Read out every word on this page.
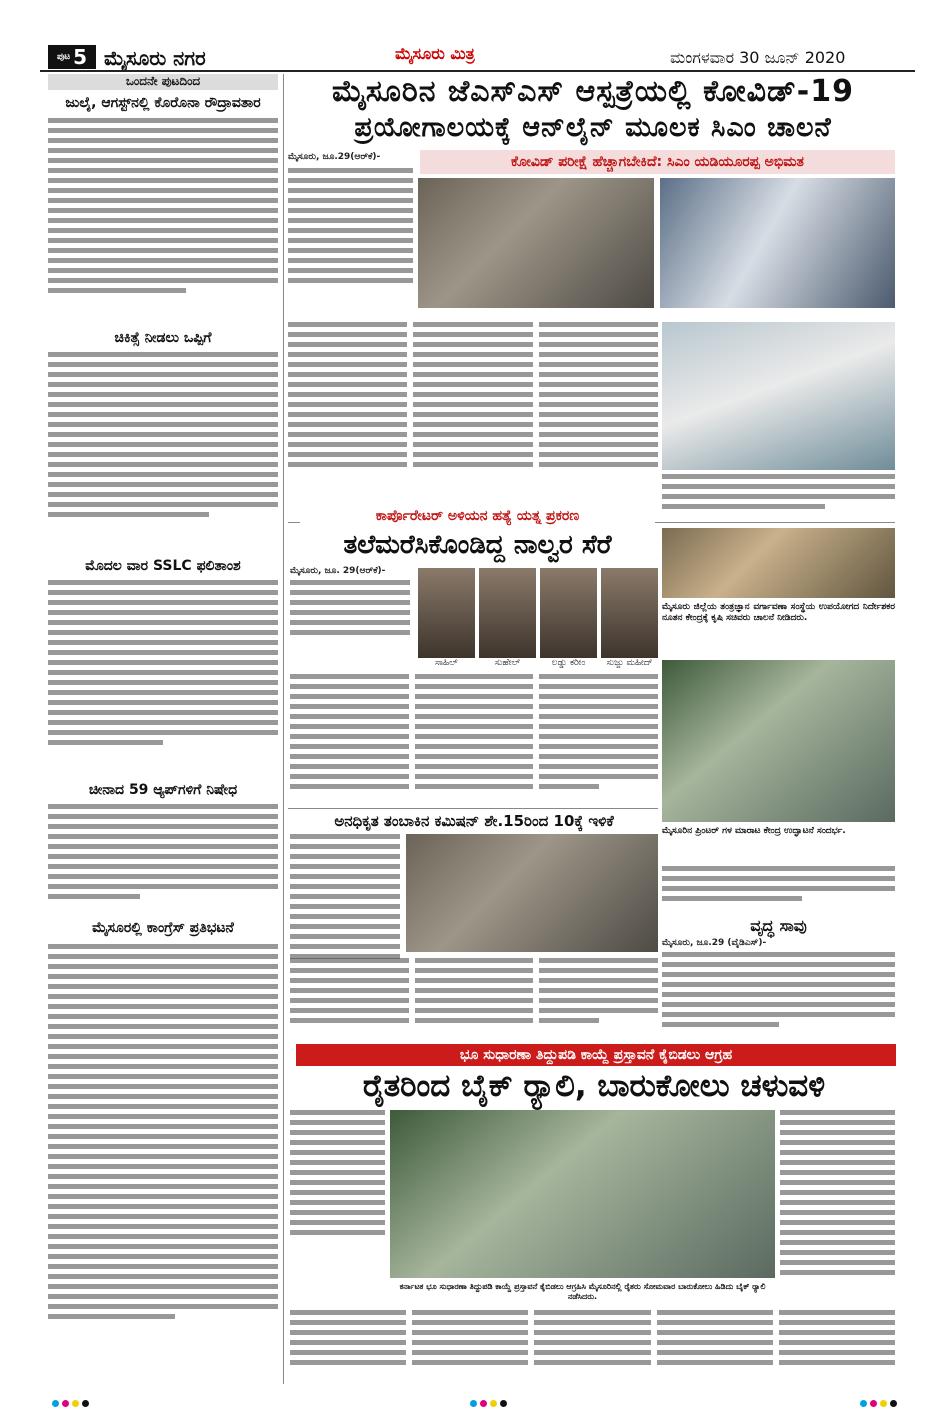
ಪುಟ 5 ಮೈಸೂರು ನಗರ	ಮೈಸೂರು ಮಿತ್ರ	ಮಂಗಳವಾರ 30 ಜೂನ್ 2020
ಒಂದನೇ ಪುಟದಿಂದ
ಜುಲೈ, ಆಗಸ್ಟ್‌ನಲ್ಲಿ ಕೊರೊನಾ ರೌದ್ರಾವತಾರ
ಚಿಕಿತ್ಸೆ ನೀಡಲು ಒಪ್ಪಿಗೆ
ಮೊದಲ ವಾರ SSLC ಫಲಿತಾಂಶ
ಚೀನಾದ 59 ಆ್ಯಪ್‌ಗಳಿಗೆ ನಿಷೇಧ
ಮೈಸೂರಲ್ಲಿ ಕಾಂಗ್ರೆಸ್ ಪ್ರತಿಭಟನೆ
ಮೈಸೂರಿನ ಜೆಎಸ್ಎಸ್ ಆಸ್ಪತ್ರೆಯಲ್ಲಿ ಕೋವಿಡ್-19
ಪ್ರಯೋಗಾಲಯಕ್ಕೆ ಆನ್‌ಲೈನ್ ಮೂಲಕ ಸಿಎಂ ಚಾಲನೆ
ಕೋವಿಡ್ ಪರೀಕ್ಷೆ ಹೆಚ್ಚಾಗಬೇಕಿದೆ: ಸಿಎಂ ಯಡಿಯೂರಪ್ಪ ಅಭಿಮತ
ಮೈಸೂರು, ಜೂ.29(ಆರ್‌ಕೆ)-
ಕಾರ್ಪೊರೇಟರ್ ಅಳಿಯನ ಹತ್ಯೆ ಯತ್ನ ಪ್ರಕರಣ
ತಲೆಮರೆಸಿಕೊಂಡಿದ್ದ ನಾಲ್ವರ ಸೆರೆ
ಮೈಸೂರು, ಜೂ. 29(ಆರ್‌ಕೆ)-
ಸಾಹಿಲ್	ಸುಹೇಲ್	ಲಡ್ಡು ಕರೀಂ	ಸುಜ್ಜು ಮಹೀದ್
ಮೈಸೂರು ಜಿಲ್ಲೆಯ ತಂತ್ರಜ್ಞಾನ ವರ್ಗಾವಣಾ ಸಂಸ್ಥೆಯ ಉಪಯೋಗದ ನಿರ್ದೇಶಕರ ನೂತನ ಕೇಂದ್ರಕ್ಕೆ ಕೃಷಿ ಸಚಿವರು ಚಾಲನೆ ನೀಡಿದರು.
ಮೈಸೂರಿನ ಪ್ರಿಂಟರ್ ಗಳ ಮಾರಾಟ ಕೇಂದ್ರ ಉದ್ಘಾಟನೆ ಸಂದರ್ಭ.
ಅನಧಿಕೃತ ತಂಬಾಕಿನ ಕಮಿಷನ್ ಶೇ.15ರಿಂದ 10ಕ್ಕೆ ಇಳಿಕೆ
ವೃದ್ಧ ಸಾವು
ಮೈಸೂರು, ಜೂ.29 (ವೈಡಿಎಸ್)-
ಭೂ ಸುಧಾರಣಾ ತಿದ್ದುಪಡಿ ಕಾಯ್ದೆ ಪ್ರಸ್ತಾವನೆ ಕೈಬಿಡಲು ಆಗ್ರಹ
ರೈತರಿಂದ ಬೈಕ್ ರ‍್ಯಾಲಿ, ಬಾರುಕೋಲು ಚಳುವಳಿ
ಕರ್ನಾಟಕ ಭೂ ಸುಧಾರಣಾ ತಿದ್ದುಪಡಿ ಕಾಯ್ದೆ ಪ್ರಸ್ತಾವನೆ ಕೈಬಿಡಲು ಆಗ್ರಹಿಸಿ ಮೈಸೂರಿನಲ್ಲಿ ರೈತರು ಸೋಮವಾರ ಬಾರುಕೋಲು ಹಿಡಿದು ಬೈಕ್ ರ‍್ಯಾಲಿ ನಡೆಸಿದರು.
